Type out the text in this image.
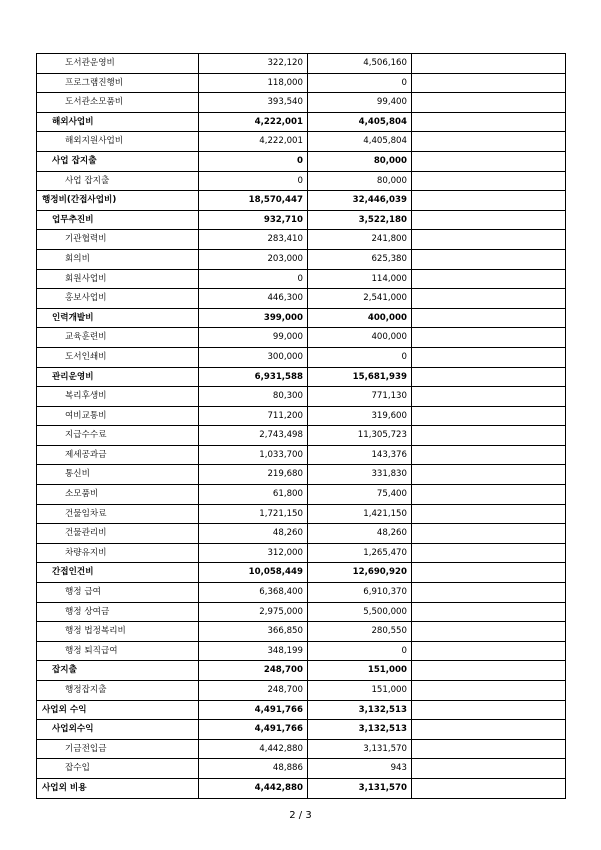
도서관운영비	322,120	4,506,160	
프로그램진행비	118,000	0	
도서관소모품비	393,540	99,400	
해외사업비	4,222,001	4,405,804	
해외지원사업비	4,222,001	4,405,804	
사업 잡지출	0	80,000	
사업 잡지출	0	80,000	
행정비(간접사업비)	18,570,447	32,446,039	
업무추진비	932,710	3,522,180	
기관협력비	283,410	241,800	
회의비	203,000	625,380	
회원사업비	0	114,000	
홍보사업비	446,300	2,541,000	
인력개발비	399,000	400,000	
교육훈련비	99,000	400,000	
도서인쇄비	300,000	0	
관리운영비	6,931,588	15,681,939	
복리후생비	80,300	771,130	
여비교통비	711,200	319,600	
지급수수료	2,743,498	11,305,723	
제세공과금	1,033,700	143,376	
통신비	219,680	331,830	
소모품비	61,800	75,400	
건물임차료	1,721,150	1,421,150	
건물관리비	48,260	48,260	
차량유지비	312,000	1,265,470	
간접인건비	10,058,449	12,690,920	
행정 급여	6,368,400	6,910,370	
행정 상여금	2,975,000	5,500,000	
행정 법정복리비	366,850	280,550	
행정 퇴직급여	348,199	0	
잡지출	248,700	151,000	
행정잡지출	248,700	151,000	
사업외 수익	4,491,766	3,132,513	
사업외수익	4,491,766	3,132,513	
기금전입금	4,442,880	3,131,570	
잡수입	48,886	943	
사업외 비용	4,442,880	3,131,570	
2 / 3
